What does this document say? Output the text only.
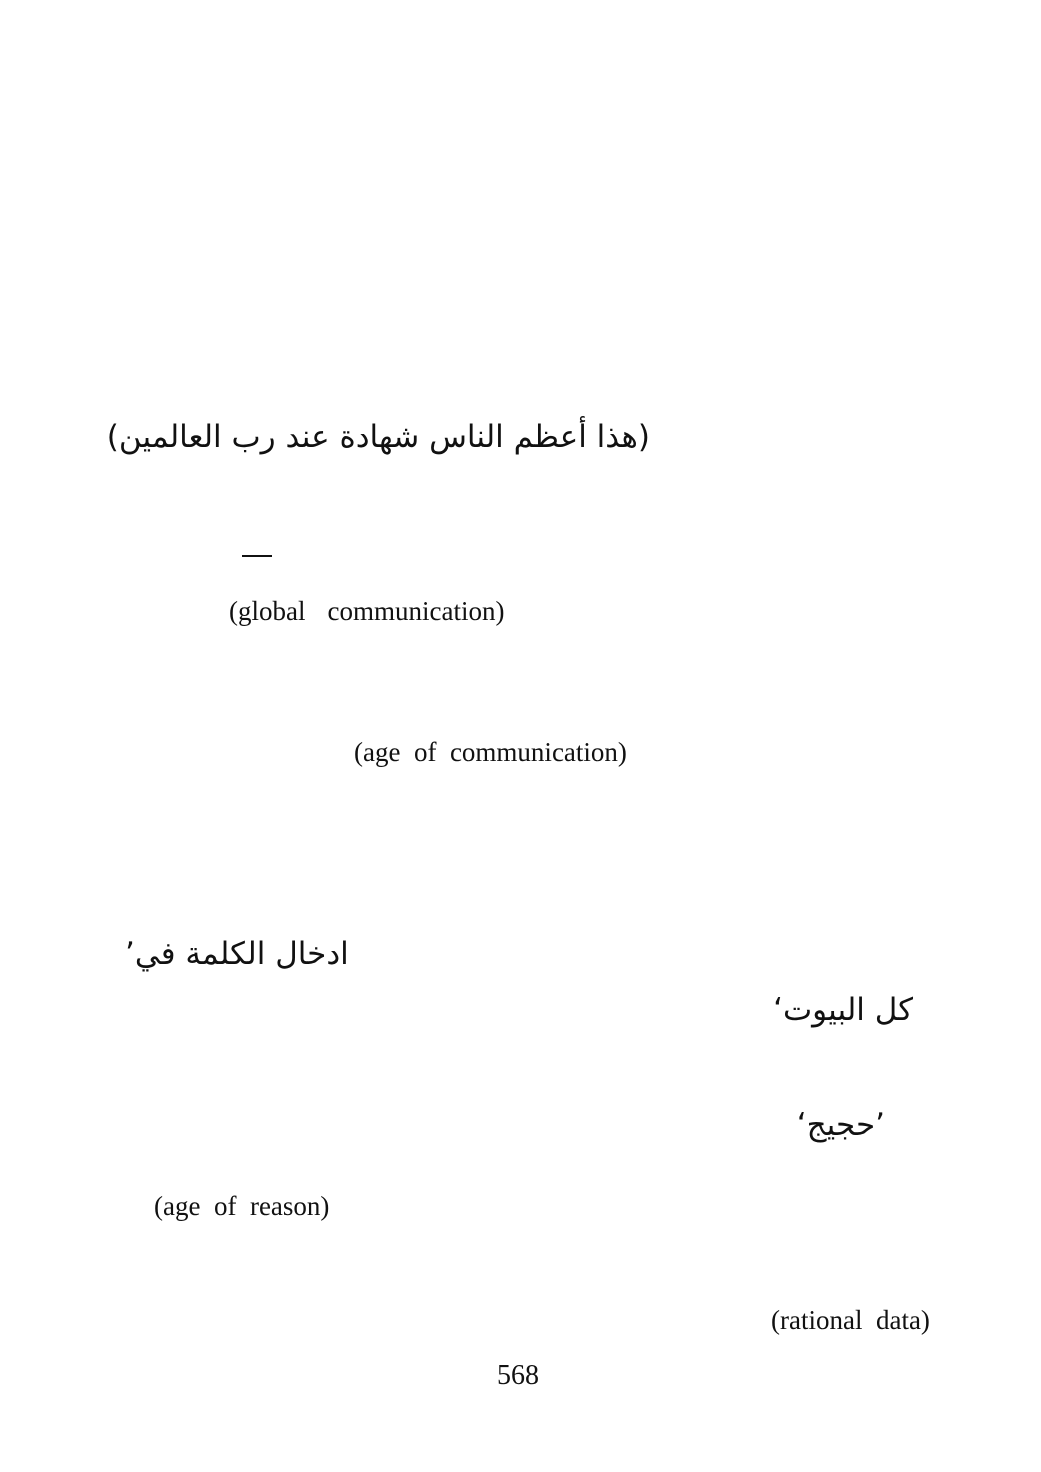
(هذا أعظم الناس شهادة عند رب العالمين)
(global communication)

(age  of  communication)

ادخال الكلمة في’
كل البيوت‘
’حجيج‘

(age  of  reason)

(rational  data)

568
